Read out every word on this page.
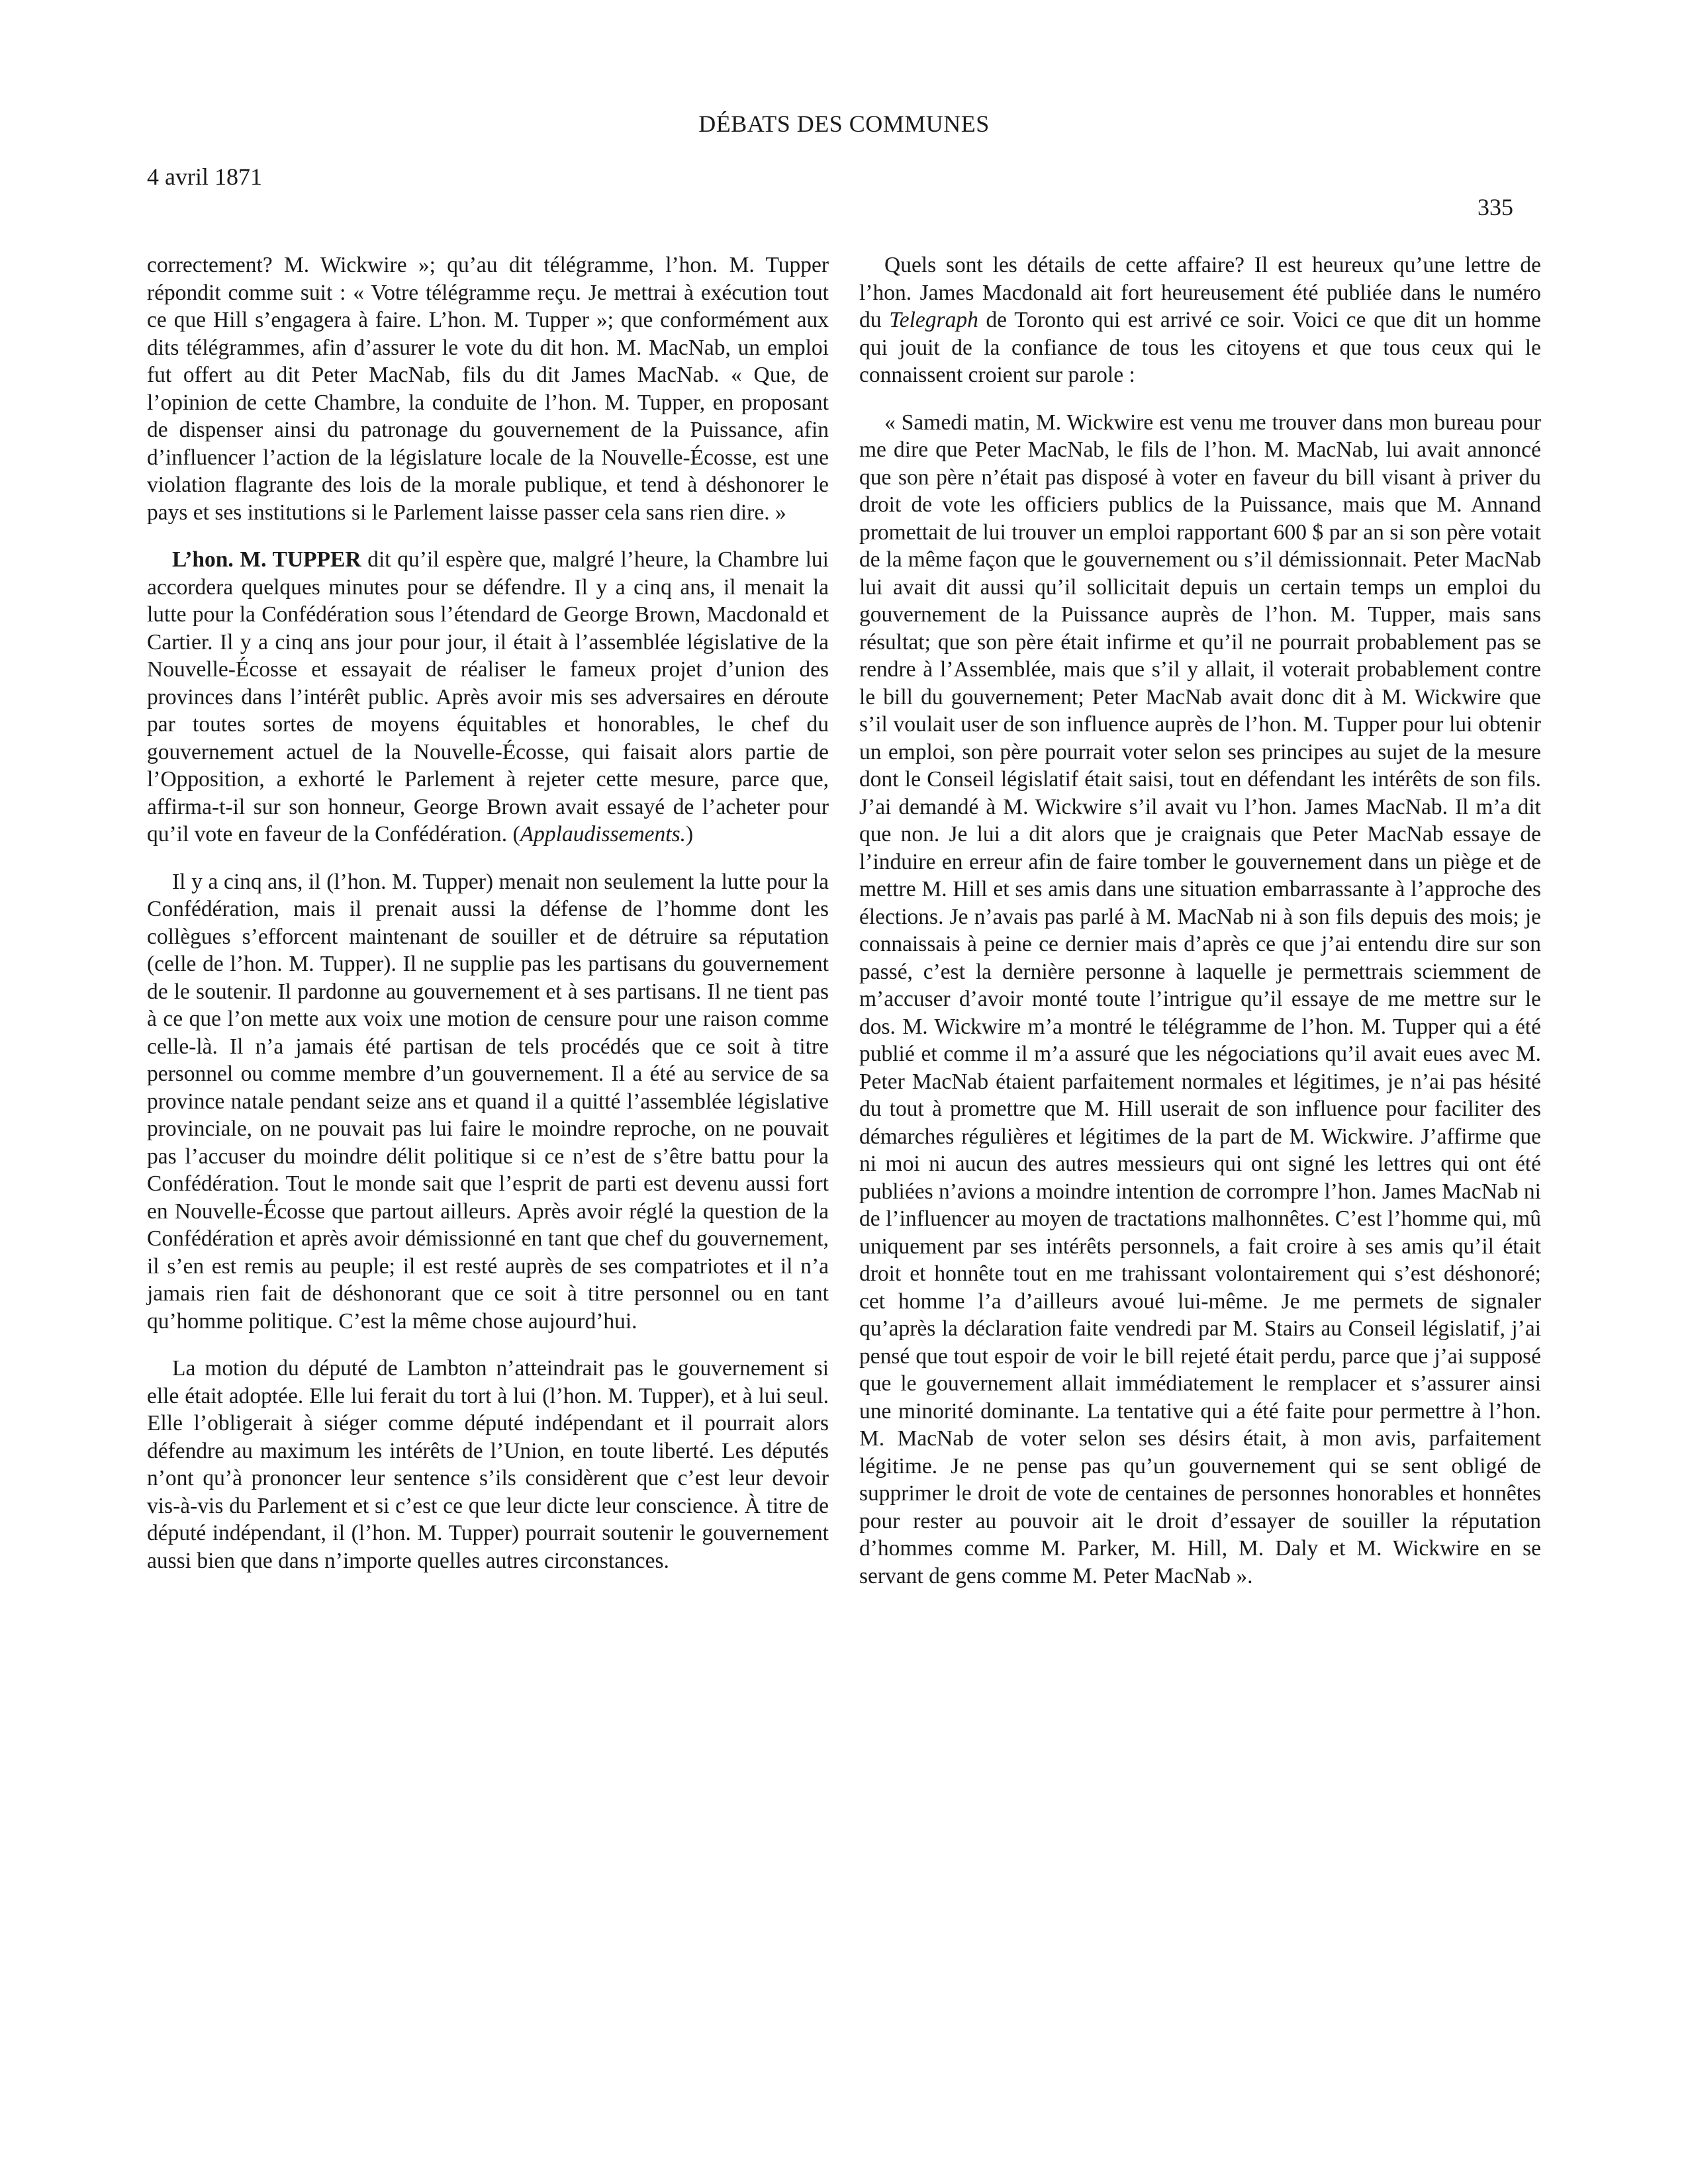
DÉBATS DES COMMUNES
4 avril 1871
335

correctement? M. Wickwire »; qu’au dit télégramme, l’hon. M. Tupper répondit comme suit : « Votre télégramme reçu. Je mettrai à exécution tout ce que Hill s’engagera à faire. L’hon. M. Tupper »; que conformément aux dits télégrammes, afin d’assurer le vote du dit hon. M. MacNab, un emploi fut offert au dit Peter MacNab, fils du dit James MacNab. « Que, de l’opinion de cette Chambre, la conduite de l’hon. M. Tupper, en proposant de dispenser ainsi du patronage du gouvernement de la Puissance, afin d’influencer l’action de la législature locale de la Nouvelle-Écosse, est une violation flagrante des lois de la morale publique, et tend à déshonorer le pays et ses institutions si le Parlement laisse passer cela sans rien dire. »

L’hon. M. TUPPER dit qu’il espère que, malgré l’heure, la Chambre lui accordera quelques minutes pour se défendre. Il y a cinq ans, il menait la lutte pour la Confédération sous l’étendard de George Brown, Macdonald et Cartier. Il y a cinq ans jour pour jour, il était à l’assemblée législative de la Nouvelle-Écosse et essayait de réaliser le fameux projet d’union des provinces dans l’intérêt public. Après avoir mis ses adversaires en déroute par toutes sortes de moyens équitables et honorables, le chef du gouvernement actuel de la Nouvelle-Écosse, qui faisait alors partie de l’Opposition, a exhorté le Parlement à rejeter cette mesure, parce que, affirma-t-il sur son honneur, George Brown avait essayé de l’acheter pour qu’il vote en faveur de la Confédération. (Applaudissements.)

Il y a cinq ans, il (l’hon. M. Tupper) menait non seulement la lutte pour la Confédération, mais il prenait aussi la défense de l’homme dont les collègues s’efforcent maintenant de souiller et de détruire sa réputation (celle de l’hon. M. Tupper). Il ne supplie pas les partisans du gouvernement de le soutenir. Il pardonne au gouvernement et à ses partisans. Il ne tient pas à ce que l’on mette aux voix une motion de censure pour une raison comme celle-là. Il n’a jamais été partisan de tels procédés que ce soit à titre personnel ou comme membre d’un gouvernement. Il a été au service de sa province natale pendant seize ans et quand il a quitté l’assemblée législative provinciale, on ne pouvait pas lui faire le moindre reproche, on ne pouvait pas l’accuser du moindre délit politique si ce n’est de s’être battu pour la Confédération. Tout le monde sait que l’esprit de parti est devenu aussi fort en Nouvelle-Écosse que partout ailleurs. Après avoir réglé la question de la Confédération et après avoir démissionné en tant que chef du gouvernement, il s’en est remis au peuple; il est resté auprès de ses compatriotes et il n’a jamais rien fait de déshonorant que ce soit à titre personnel ou en tant qu’homme politique. C’est la même chose aujourd’hui.

La motion du député de Lambton n’atteindrait pas le gouvernement si elle était adoptée. Elle lui ferait du tort à lui (l’hon. M. Tupper), et à lui seul. Elle l’obligerait à siéger comme député indépendant et il pourrait alors défendre au maximum les intérêts de l’Union, en toute liberté. Les députés n’ont qu’à prononcer leur sentence s’ils considèrent que c’est leur devoir vis-à-vis du Parlement et si c’est ce que leur dicte leur conscience. À titre de député indépendant, il (l’hon. M. Tupper) pourrait soutenir le gouvernement aussi bien que dans n’importe quelles autres circonstances.

Quels sont les détails de cette affaire? Il est heureux qu’une lettre de l’hon. James Macdonald ait fort heureusement été publiée dans le numéro du Telegraph de Toronto qui est arrivé ce soir. Voici ce que dit un homme qui jouit de la confiance de tous les citoyens et que tous ceux qui le connaissent croient sur parole :

« Samedi matin, M. Wickwire est venu me trouver dans mon bureau pour me dire que Peter MacNab, le fils de l’hon. M. MacNab, lui avait annoncé que son père n’était pas disposé à voter en faveur du bill visant à priver du droit de vote les officiers publics de la Puissance, mais que M. Annand promettait de lui trouver un emploi rapportant 600 $ par an si son père votait de la même façon que le gouvernement ou s’il démissionnait. Peter MacNab lui avait dit aussi qu’il sollicitait depuis un certain temps un emploi du gouvernement de la Puissance auprès de l’hon. M. Tupper, mais sans résultat; que son père était infirme et qu’il ne pourrait probablement pas se rendre à l’Assemblée, mais que s’il y allait, il voterait probablement contre le bill du gouvernement; Peter MacNab avait donc dit à M. Wickwire que s’il voulait user de son influence auprès de l’hon. M. Tupper pour lui obtenir un emploi, son père pourrait voter selon ses principes au sujet de la mesure dont le Conseil législatif était saisi, tout en défendant les intérêts de son fils. J’ai demandé à M. Wickwire s’il avait vu l’hon. James MacNab. Il m’a dit que non. Je lui a dit alors que je craignais que Peter MacNab essaye de l’induire en erreur afin de faire tomber le gouvernement dans un piège et de mettre M. Hill et ses amis dans une situation embarrassante à l’approche des élections. Je n’avais pas parlé à M. MacNab ni à son fils depuis des mois; je connaissais à peine ce dernier mais d’après ce que j’ai entendu dire sur son passé, c’est la dernière personne à laquelle je permettrais sciemment de m’accuser d’avoir monté toute l’intrigue qu’il essaye de me mettre sur le dos. M. Wickwire m’a montré le télégramme de l’hon. M. Tupper qui a été publié et comme il m’a assuré que les négociations qu’il avait eues avec M. Peter MacNab étaient parfaitement normales et légitimes, je n’ai pas hésité du tout à promettre que M. Hill userait de son influence pour faciliter des démarches régulières et légitimes de la part de M. Wickwire. J’affirme que ni moi ni aucun des autres messieurs qui ont signé les lettres qui ont été publiées n’avions a moindre intention de corrompre l’hon. James MacNab ni de l’influencer au moyen de tractations malhonnêtes. C’est l’homme qui, mû uniquement par ses intérêts personnels, a fait croire à ses amis qu’il était droit et honnête tout en me trahissant volontairement qui s’est déshonoré; cet homme l’a d’ailleurs avoué lui-même. Je me permets de signaler qu’après la déclaration faite vendredi par M. Stairs au Conseil législatif, j’ai pensé que tout espoir de voir le bill rejeté était perdu, parce que j’ai supposé que le gouvernement allait immédiatement le remplacer et s’assurer ainsi une minorité dominante. La tentative qui a été faite pour permettre à l’hon. M. MacNab de voter selon ses désirs était, à mon avis, parfaitement légitime. Je ne pense pas qu’un gouvernement qui se sent obligé de supprimer le droit de vote de centaines de personnes honorables et honnêtes pour rester au pouvoir ait le droit d’essayer de souiller la réputation d’hommes comme M. Parker, M. Hill, M. Daly et M. Wickwire en se servant de gens comme M. Peter MacNab ».
